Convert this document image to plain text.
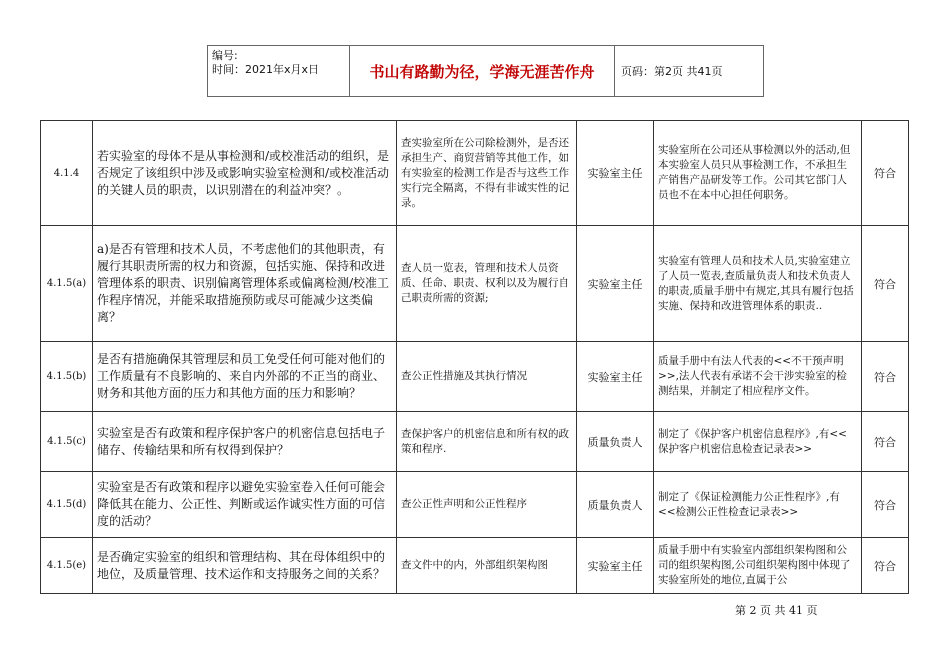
编号:
时间：2021年x月x日	书山有路勤为径，学海无涯苦作舟	页码：第2页 共41页
4.1.4	若实验室的母体不是从事检测和/或校准活动的组织，是否规定了该组织中涉及或影响实验室检测和/或校准活动的关键人员的职责，以识别潜在的利益冲突？。	查实验室所在公司除检测外，是否还承担生产、商贸营销等其他工作，如有实验室的检测工作是否与这些工作实行完全隔离，不得有非诚实性的记录。	实验室主任	实验室所在公司还从事检测以外的活动,但本实验室人员只从事检测工作，不承担生产销售产品研发等工作。公司其它部门人员也不在本中心担任何职务。	符合
4.1.5(a)	a)是否有管理和技术人员，不考虑他们的其他职责，有履行其职责所需的权力和资源，包括实施、保持和改进管理体系的职责、识别偏离管理体系或偏离检测/校准工作程序情况，并能采取措施预防或尽可能减少这类偏离？	查人员一览表，管理和技术人员资质、任命、职责、权利以及为履行自己职责所需的资源;	实验室主任	实验室有管理人员和技术人员,实验室建立了人员一览表,查质量负责人和技术负责人的职责,质量手册中有规定,其具有履行包括实施、保持和改进管理体系的职责..	符合
4.1.5(b)	是否有措施确保其管理层和员工免受任何可能对他们的工作质量有不良影响的、来自内外部的不正当的商业、财务和其他方面的压力和其他方面的压力和影响？	查公正性措施及其执行情况	实验室主任	质量手册中有法人代表的<<不干预声明>>,法人代表有承诺不会干涉实验室的检测结果，并制定了相应程序文件。	符合
4.1.5(c)	实验室是否有政策和程序保护客户的机密信息包括电子储存、传输结果和所有权得到保护？	查保护客户的机密信息和所有权的政策和程序.	质量负责人	制定了《保护客户机密信息程序》,有<<保护客户机密信息检查记录表>>	符合
4.1.5(d)	实验室是否有政策和程序以避免实验室卷入任何可能会降低其在能力、公正性、判断或运作诚实性方面的可信度的活动？	查公正性声明和公正性程序	质量负责人	制定了《保证检测能力公正性程序》,有<<检测公正性检查记录表>>	符合
4.1.5(e)	是否确定实验室的组织和管理结构、其在母体组织中的地位，及质量管理、技术运作和支持服务之间的关系？	查文件中的内，外部组织架构图	实验室主任	质量手册中有实验室内部组织架构图和公司的组织架构图,公司组织架构图中体现了实验室所处的地位,直属于公	符合
第 2 页 共 41 页
